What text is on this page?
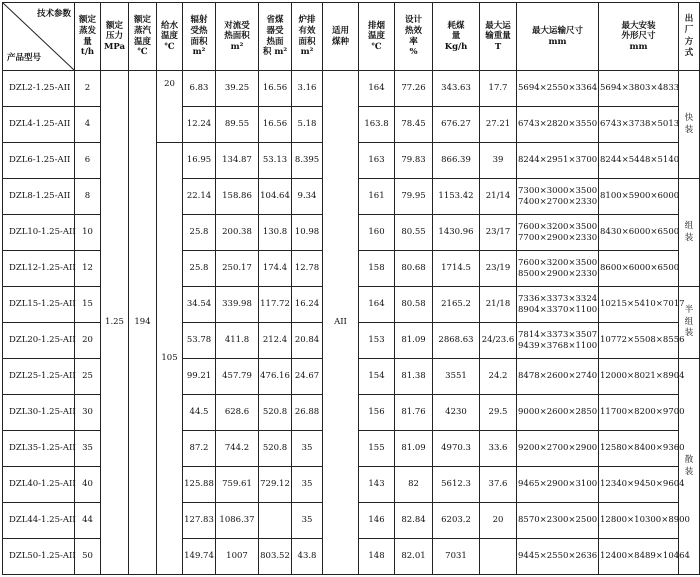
技术参数
产品型号	额定
蒸发
量
t/h	额定
压力
MPa	额定
蒸汽
温度
℃	给水
温度
℃	辐射
受热
面积
m²	对流受
热面积
m²	省煤
器受
热面
积 m²	炉排
有效
面积
m²	适用
煤种	排烟
温度
℃	设计
热效
率
%	耗煤
量
Kg/h	最大运
输重量
T	最大运输尺寸
mm	最大安装
外形尺寸
mm	出
厂
方
式

DZL2-1.25-AII	2	1.25	194	20	6.83	39.25	16.56	3.16	AII	164	77.26	343.63	17.7	5694×2550×3364	5694×3803×4833	快
装

DZL4-1.25-AII	4				12.24	89.55	16.56	5.18		163.8	78.45	676.27	27.21	6743×2820×3550	6743×3738×5013	
DZL6-1.25-AII	6			105	16.95	134.87	53.13	8.395		163	79.83	866.39	39	8244×2951×3700	8244×5448×5140	
DZL8-1.25-AII	8				22.14	158.86	104.64	9.34		161	79.95	1153.42	21/14	7300×3000×3500
7400×2700×2330	8100×5900×6000	组
装

DZL10-1.25-AII	10				25.8	200.38	130.8	10.98		160	80.55	1430.96	23/17	7600×3200×3500
7700×2900×2330	8430×6000×6500	
DZL12-1.25-AII	12				25.8	250.17	174.4	12.78		158	80.68	1714.5	23/19	7600×3200×3500
8500×2900×2330	8600×6000×6500	
DZL15-1.25-AII	15				34.54	339.98	117.72	16.24		164	80.58	2165.2	21/18	7336×3373×3324
8904×3370×1100	10215×5410×7017	半
组
装

DZL20-1.25-AII	20				53.78	411.8	212.4	20.84		153	81.09	2868.63	24/23.6	7814×3373×3507
9439×3768×1100	10772×5508×8556	
DZL25-1.25-AII	25				99.21	457.79	476.16	24.67		154	81.38	3551	24.2	8478×2600×2740	12000×8021×8904	散
装

DZL30-1.25-AII	30				44.5	628.6	520.8	26.88		156	81.76	4230	29.5	9000×2600×2850	11700×8200×9700	
DZL35-1.25-AII	35				87.2	744.2	520.8	35		155	81.09	4970.3	33.6	9200×2700×2900	12580×8400×9360	
DZL40-1.25-AII	40				125.88	759.61	729.12	35		143	82	5612.3	37.6	9465×2900×3100	12340×9450×9604	
DZL44-1.25-AII	44				127.83	1086.37		35		146	82.84	6203.2	20	8570×2300×2500	12800×10300×8900	
DZL50-1.25-AII	50				149.74	1007	803.52	43.8		148	82.01	7031		9445×2550×2636	12400×8489×10464	
